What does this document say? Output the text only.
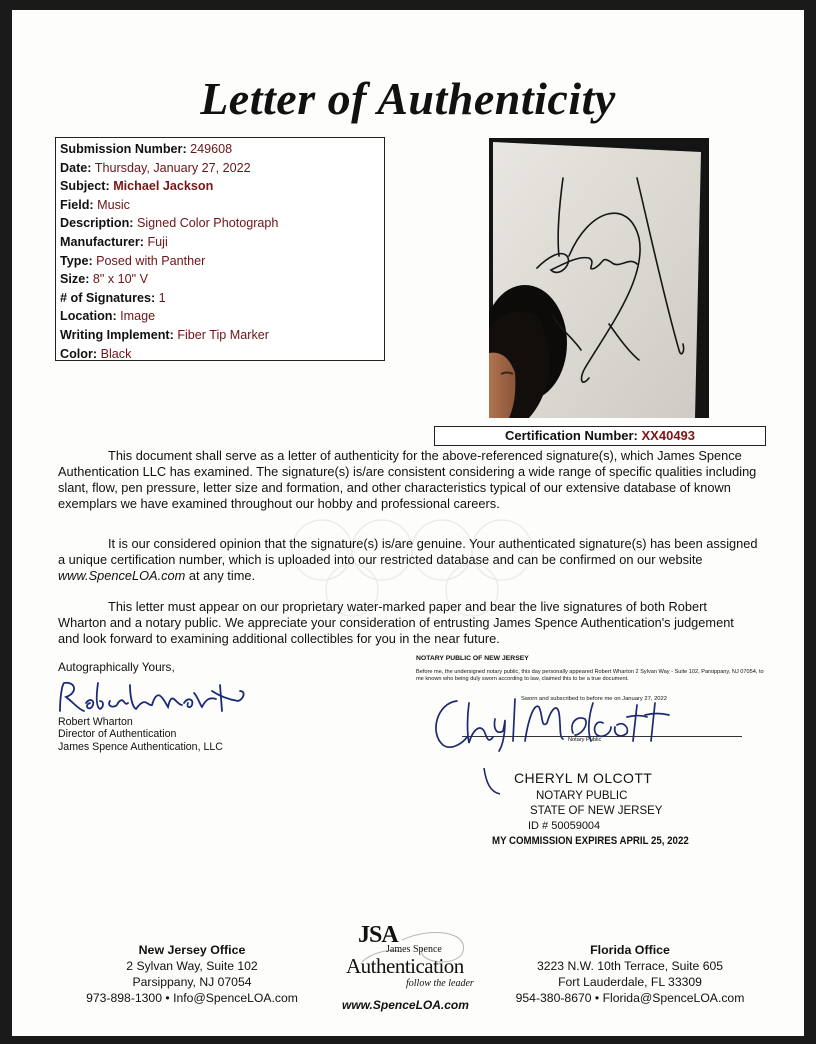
Letter of Authenticity
Submission Number: 249608
Date: Thursday, January 27, 2022
Subject: Michael Jackson
Field: Music
Description: Signed Color Photograph
Manufacturer: Fuji
Type: Posed with Panther
Size: 8" x 10" V
# of Signatures: 1
Location: Image
Writing Implement: Fiber Tip Marker
Color: Black
Certification Number: XX40493
This document shall serve as a letter of authenticity for the above-referenced signature(s), which James Spence Authentication LLC has examined. The signature(s) is/are consistent considering a wide range of specific qualities including slant, flow, pen pressure, letter size and formation, and other characteristics typical of our extensive database of known exemplars we have examined throughout our hobby and professional careers.
It is our considered opinion that the signature(s) is/are genuine. Your authenticated signature(s) has been assigned a unique certification number, which is uploaded into our restricted database and can be confirmed on our website www.SpenceLOA.com at any time.
This letter must appear on our proprietary water-marked paper and bear the live signatures of both Robert Wharton and a notary public. We appreciate your consideration of entrusting James Spence Authentication's judgement and look forward to examining additional collectibles for you in the near future.
Autographically Yours,
Robert Wharton
Director of Authentication
James Spence Authentication, LLC
NOTARY PUBLIC OF NEW JERSEY
Before me, the undersigned notary public, this day personally appeared Robert Wharton 2 Sylvan Way - Suite 102, Parsippany, NJ 07054, to me known who being duly sworn according to law, claimed this to be a true document.
Sworn and subscribed to before me on January 27, 2022
Notary Public
CHERYL M OLCOTT
NOTARY PUBLIC
STATE OF NEW JERSEY
ID # 50059004
MY COMMISSION EXPIRES APRIL 25, 2022
New Jersey Office
2 Sylvan Way, Suite 102
Parsippany, NJ 07054
973-898-1300 • Info@SpenceLOA.com
JSA
James Spence
Authentication
follow the leader
www.SpenceLOA.com
Florida Office
3223 N.W. 10th Terrace, Suite 605
Fort Lauderdale, FL 33309
954-380-8670 • Florida@SpenceLOA.com
